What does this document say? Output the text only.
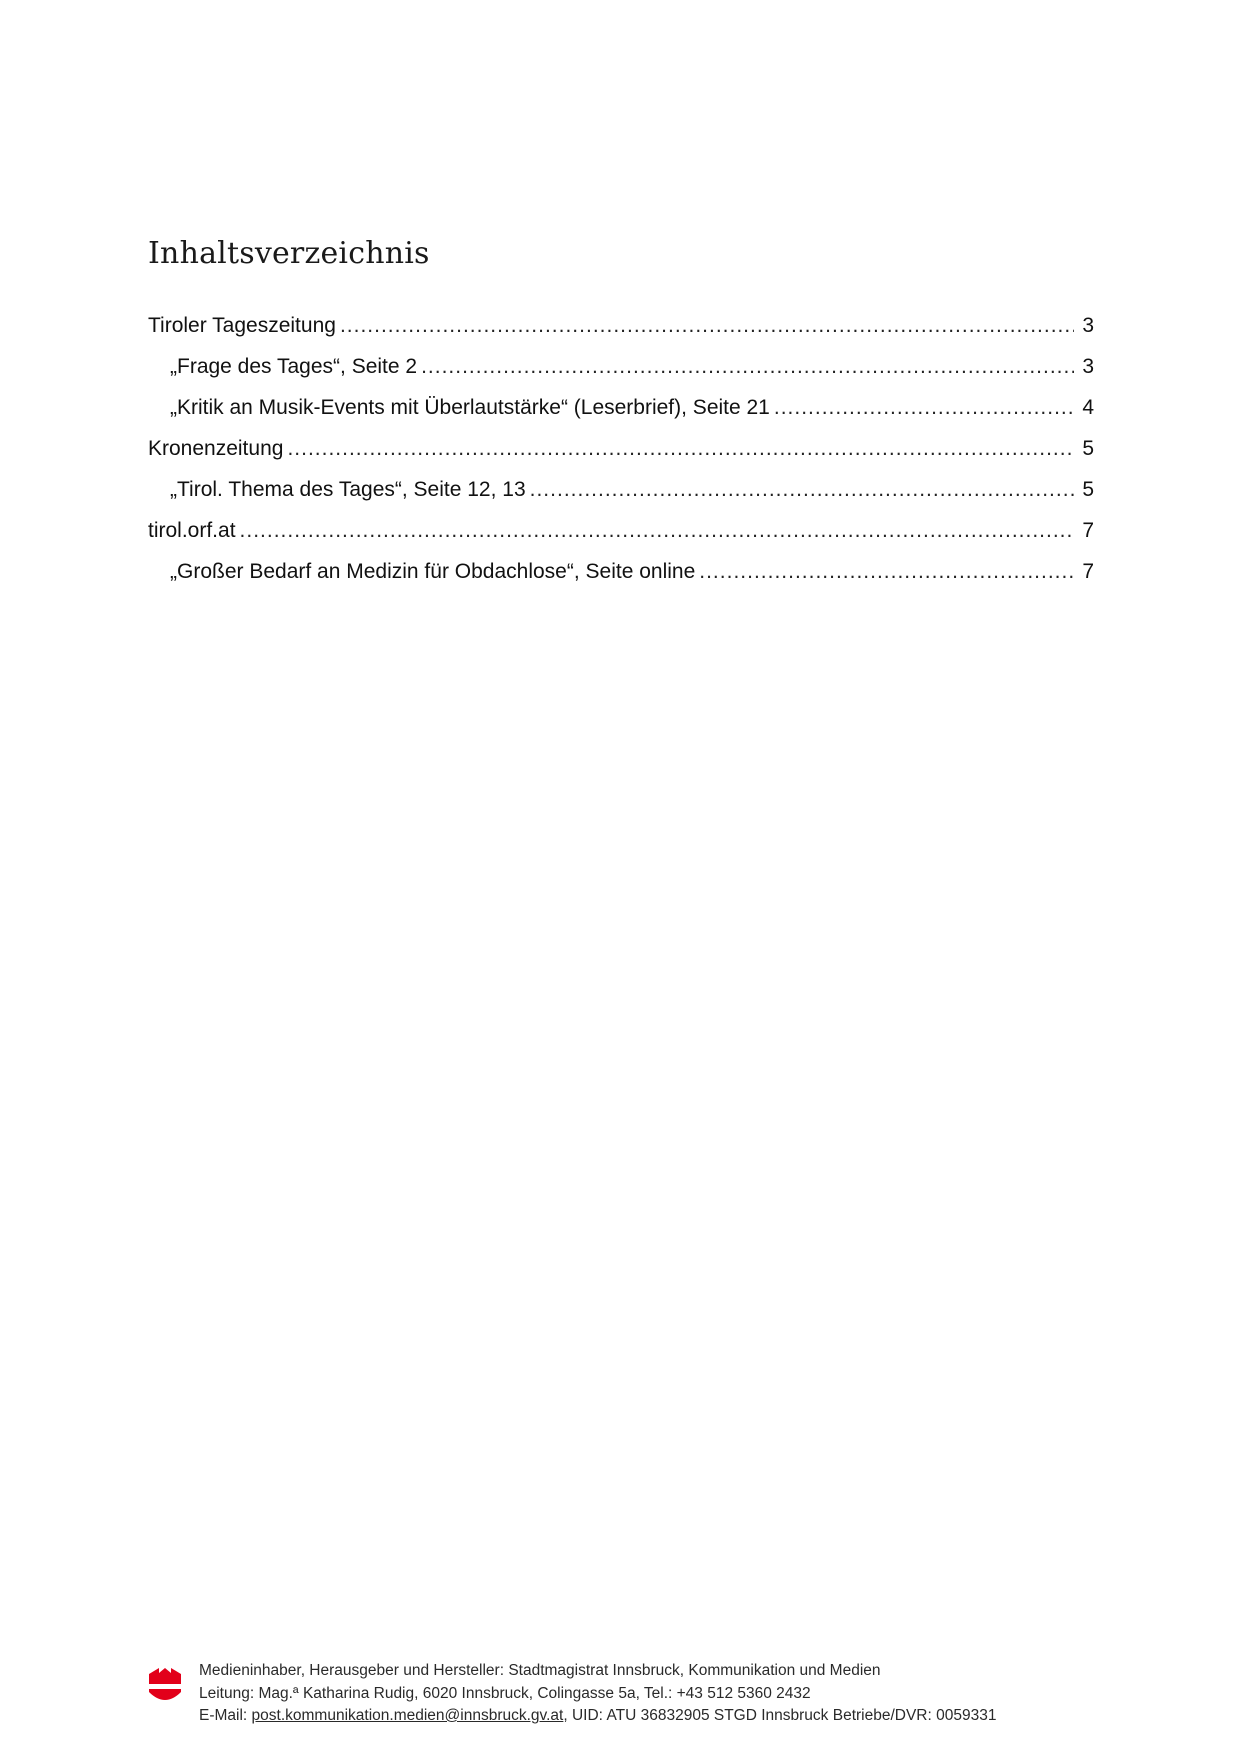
Inhaltsverzeichnis
Tiroler Tageszeitung .....	3
„Frage des Tages“, Seite 2 .....	3
„Kritik an Musik-Events mit Überlautstärke“ (Leserbrief), Seite 21 .....	4
Kronenzeitung .....	5
„Tirol. Thema des Tages“, Seite 12, 13 .....	5
tirol.orf.at .....	7
„Großer Bedarf an Medizin für Obdachlose“, Seite online .....	7
Medieninhaber, Herausgeber und Hersteller: Stadtmagistrat Innsbruck, Kommunikation und Medien
Leitung: Mag.ª Katharina Rudig, 6020 Innsbruck, Colingasse 5a, Tel.: +43 512 5360 2432
E-Mail: post.kommunikation.medien@innsbruck.gv.at, UID: ATU 36832905 STGD Innsbruck Betriebe/DVR: 0059331
